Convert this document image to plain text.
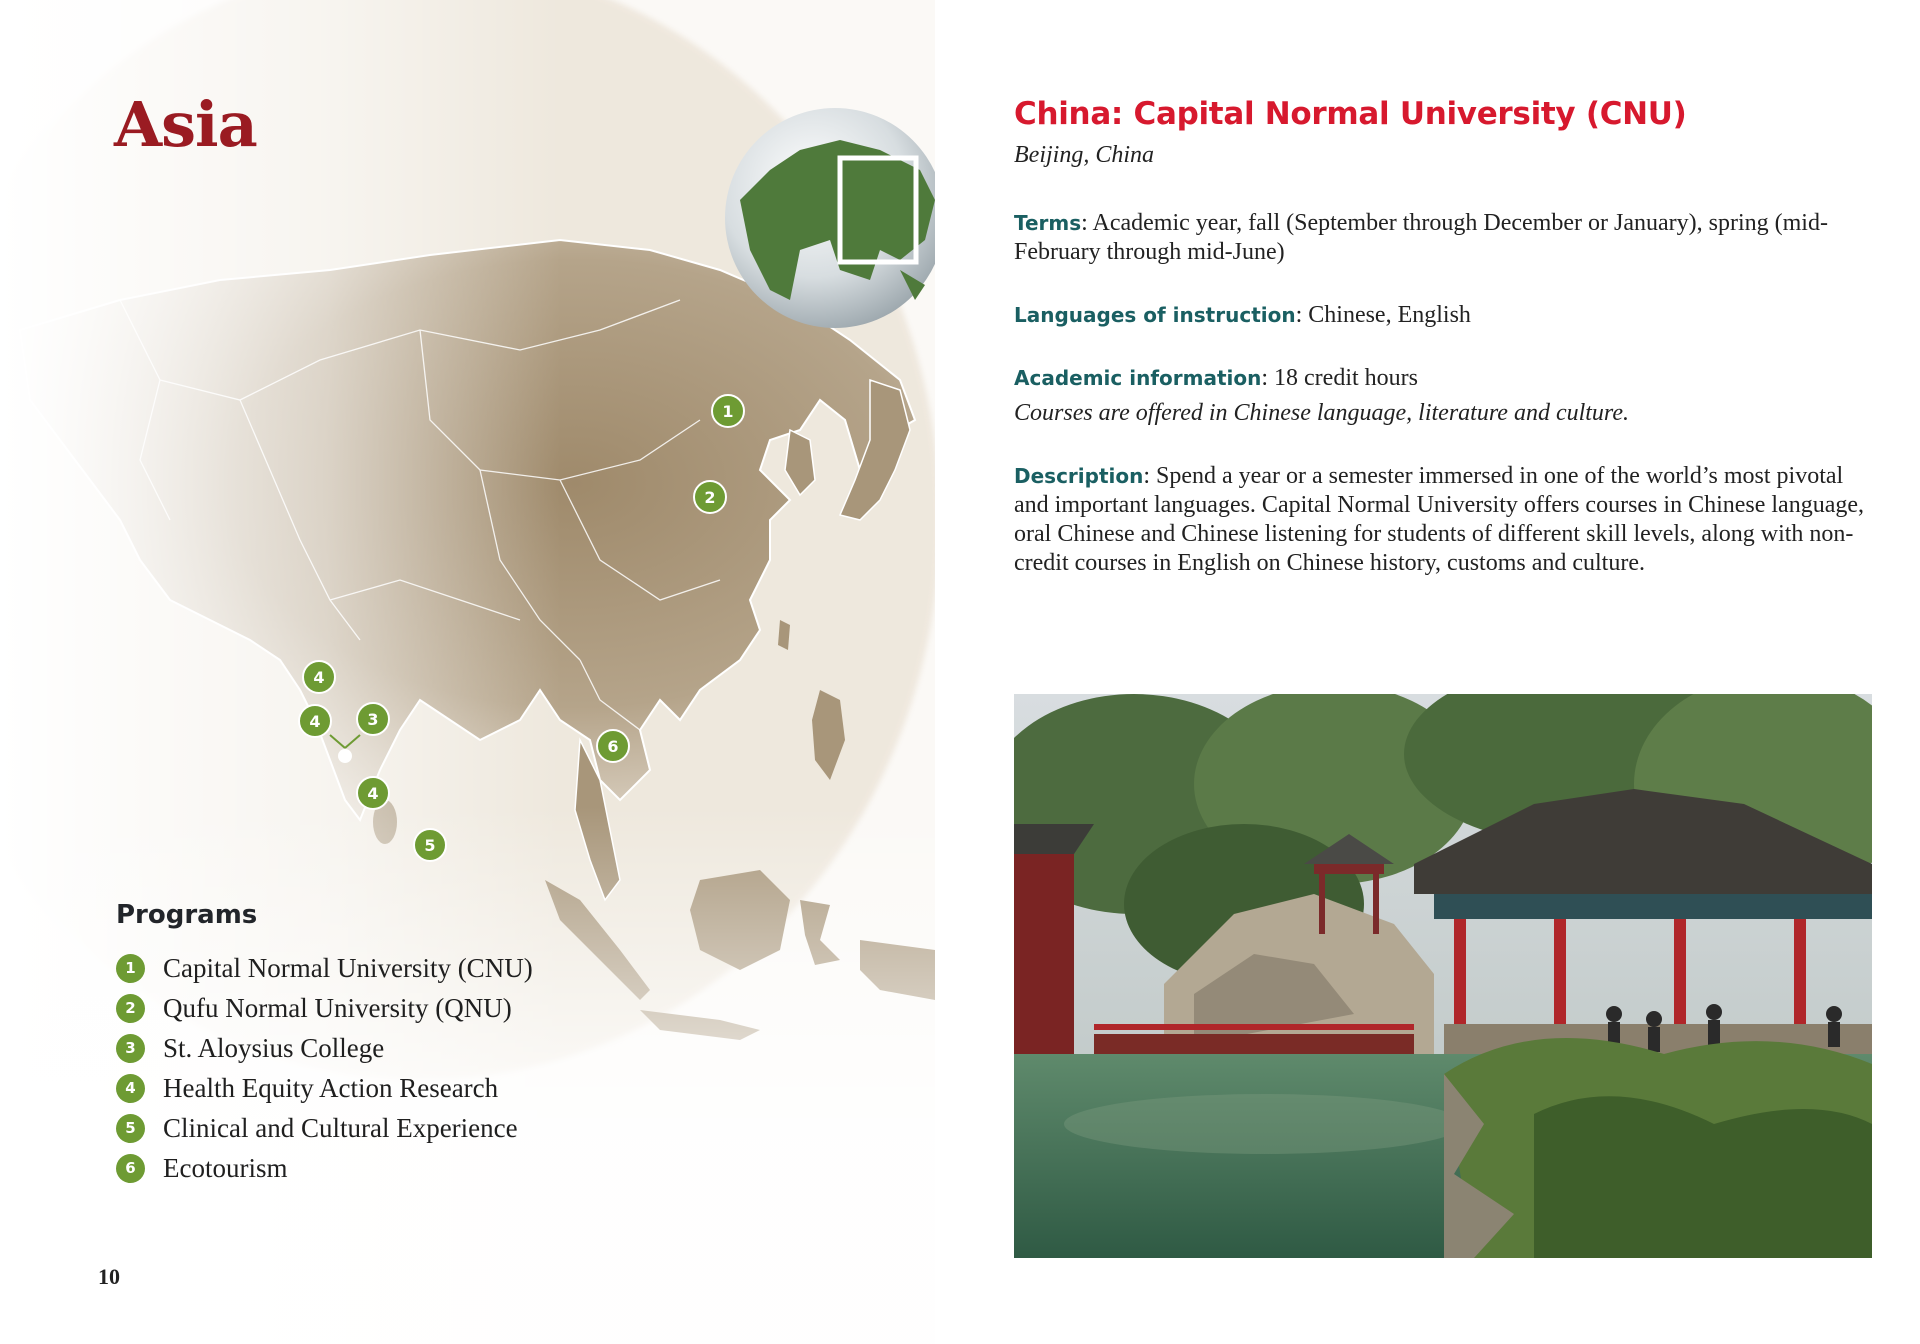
1
2
3
4
4
4
5
6
Asia
Programs
1	Capital Normal University (CNU)
2	Qufu Normal University (QNU)
3	St. Aloysius College
4	Health Equity Action Research
5	Clinical and Cultural Experience
6	Ecotourism
10
China: Capital Normal University (CNU)
Beijing, China
Terms: Academic year, fall (September through December or January), spring (mid-February through mid-June)
Languages of instruction: Chinese, English
Academic information: 18 credit hours
Courses are offered in Chinese language, literature and culture.
Description: Spend a year or a semester immersed in one of the world’s most pivotal and important languages. Capital Normal University offers courses in Chinese language, oral Chinese and Chinese listening for students of different skill levels, along with non-credit courses in English on Chinese history, customs and culture.
